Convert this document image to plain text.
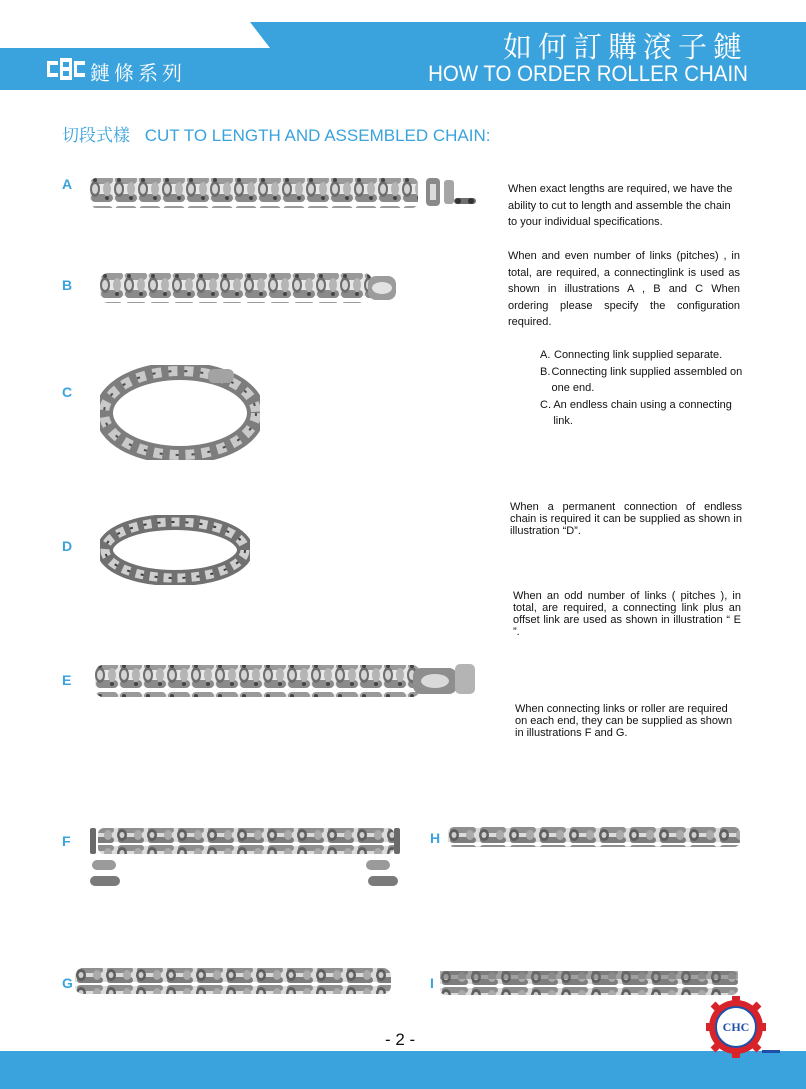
鏈條系列
如何訂購滾子鏈
HOW TO ORDER ROLLER CHAIN
切段式樣 CUT TO LENGTH AND ASSEMBLED CHAIN:
A
B
C
D
E
F
G
H
I
When exact lengths are required, we have the ability to cut to length and assemble the chain to your individual specifications.
When and even number of links (pitches) , in total, are required, a connectinglink is used as shown in illustrations A , B and C When ordering please specify the configuration required.
A. Connecting link supplied separate.
B. Connecting link supplied assembled on one end.
C. An endless chain using a connecting link.
When a permanent connection of endless chain is required it can be supplied as shown in illustration “D”.
When an odd number of links ( pitches ), in total, are required, a connecting link plus an offset link are used as shown in illustration “ E ”.
When connecting links or roller are required on each end, they can be supplied as shown in illustrations F and G.
- 2 -
CHC
